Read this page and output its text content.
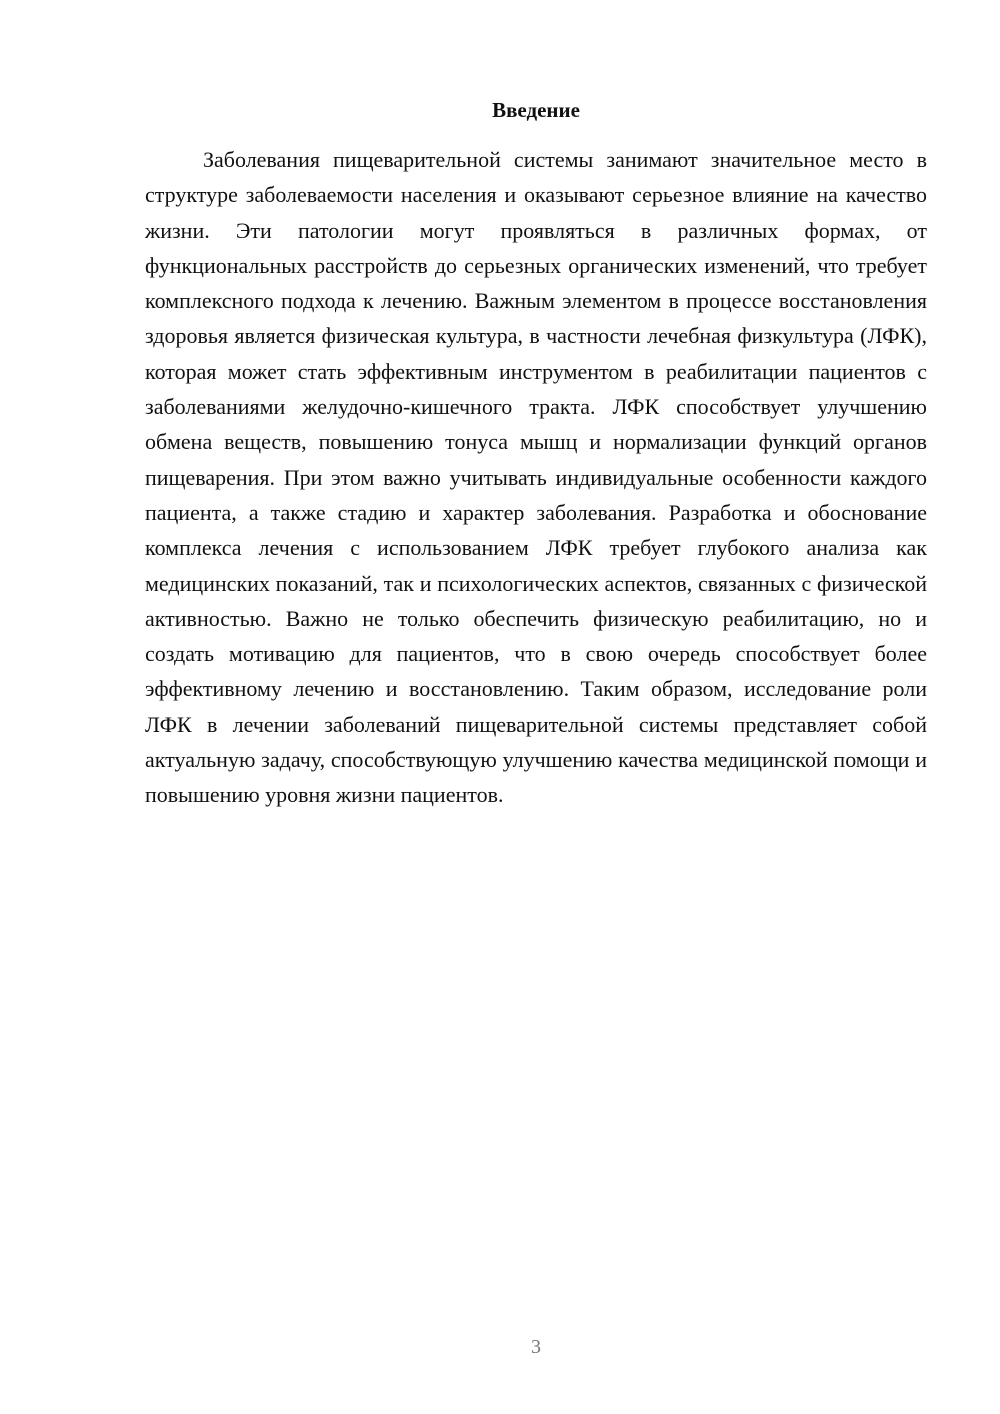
Введение

Заболевания пищеварительной системы занимают значительное место в структуре заболеваемости населения и оказывают серьезное влияние на качество жизни. Эти патологии могут проявляться в различных формах, от функциональных расстройств до серьезных органических изменений, что требует комплексного подхода к лечению. Важным элементом в процессе восстановления здоровья является физическая культура, в частности лечебная физкультура (ЛФК), которая может стать эффективным инструментом в реабилитации пациентов с заболеваниями желудочно-кишечного тракта. ЛФК способствует улучшению обмена веществ, повышению тонуса мышц и нормализации функций органов пищеварения. При этом важно учитывать индивидуальные особенности каждого пациента, а также стадию и характер заболевания. Разработка и обоснование комплекса лечения с использованием ЛФК требует глубокого анализа как медицинских показаний, так и психологических аспектов, связанных с физической активностью. Важно не только обеспечить физическую реабилитацию, но и создать мотивацию для пациентов, что в свою очередь способствует более эффективному лечению и восстановлению. Таким образом, исследование роли ЛФК в лечении заболеваний пищеварительной системы представляет собой актуальную задачу, способствующую улучшению качества медицинской помощи и повышению уровня жизни пациентов.

3
